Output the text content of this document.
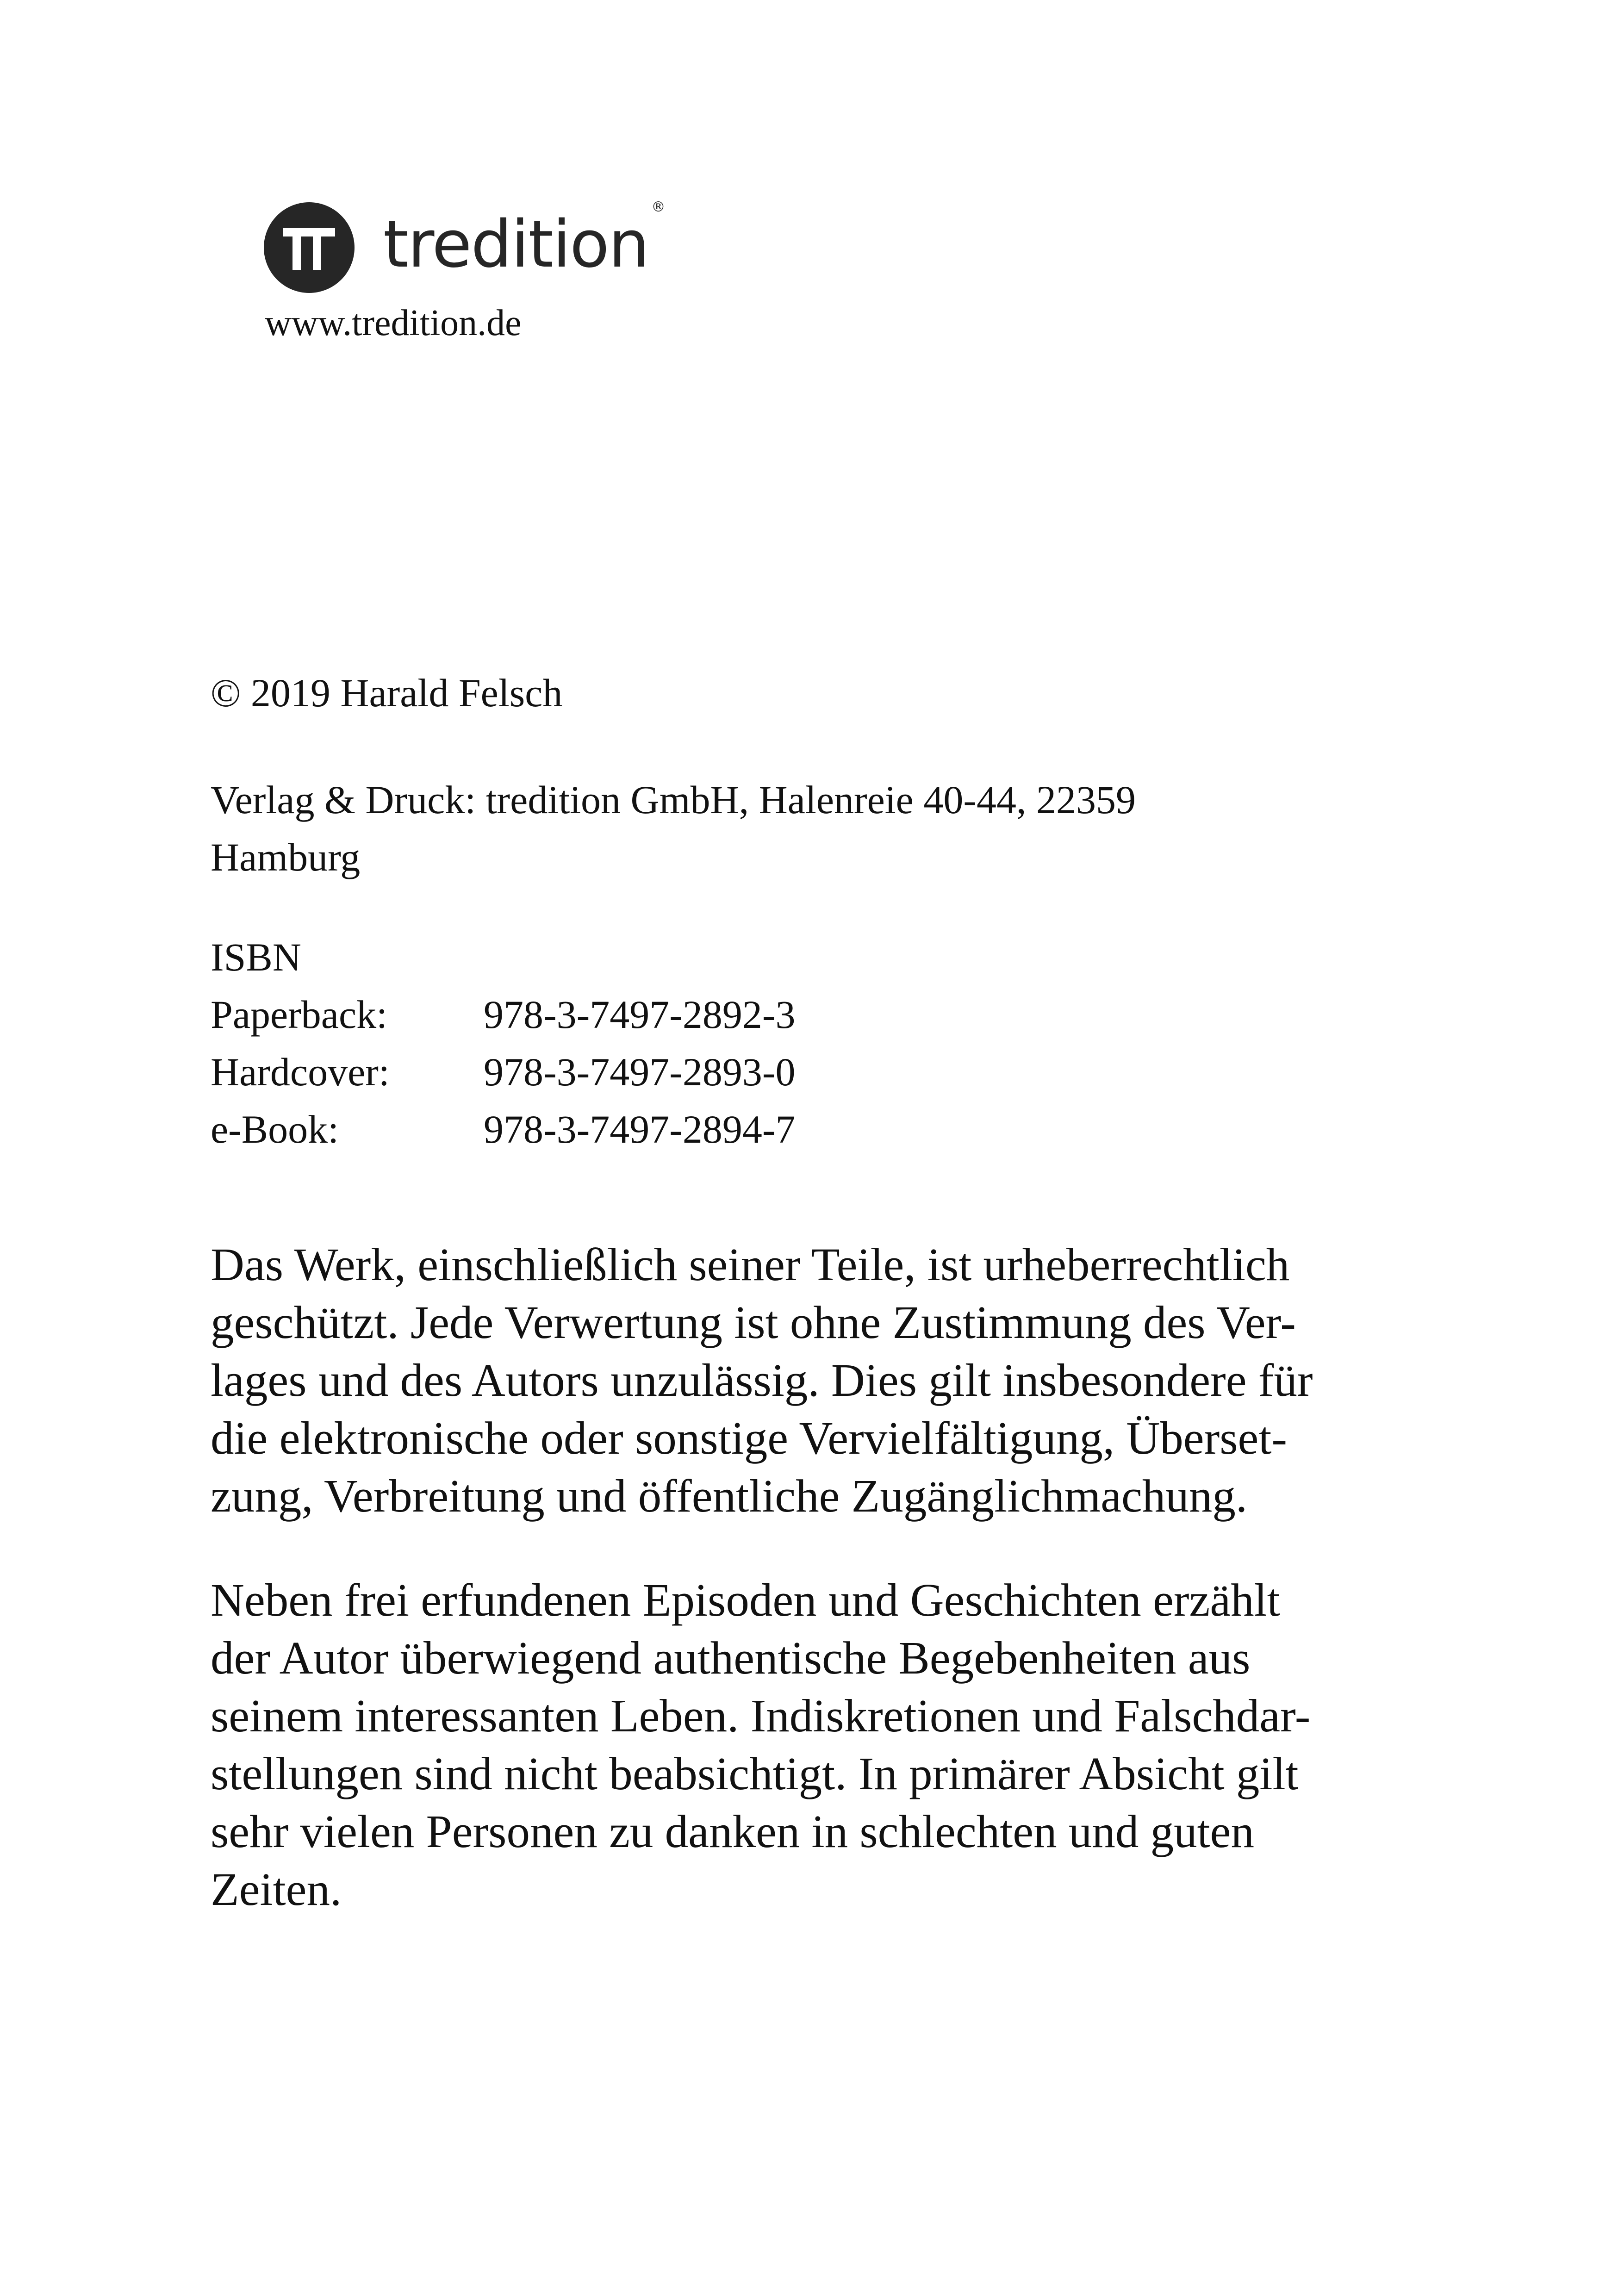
tredition ®
www.tredition.de
© 2019 Harald Felsch
Verlag & Druck: tredition GmbH, Halenreie 40-44, 22359
Hamburg
ISBN
Paperback:	978-3-7497-2892-3
Hardcover:	978-3-7497-2893-0
e-Book:	978-3-7497-2894-7
Das Werk, einschließlich seiner Teile, ist urheberrechtlich
geschützt. Jede Verwertung ist ohne Zustimmung des Ver-
lages und des Autors unzulässig. Dies gilt insbesondere für
die elektronische oder sonstige Vervielfältigung, Überset-
zung, Verbreitung und öffentliche Zugänglichmachung.
Neben frei erfundenen Episoden und Geschichten erzählt
der Autor überwiegend authentische Begebenheiten aus
seinem interessanten Leben. Indiskretionen und Falschdar-
stellungen sind nicht beabsichtigt. In primärer Absicht gilt
sehr vielen Personen zu danken in schlechten und guten
Zeiten.
